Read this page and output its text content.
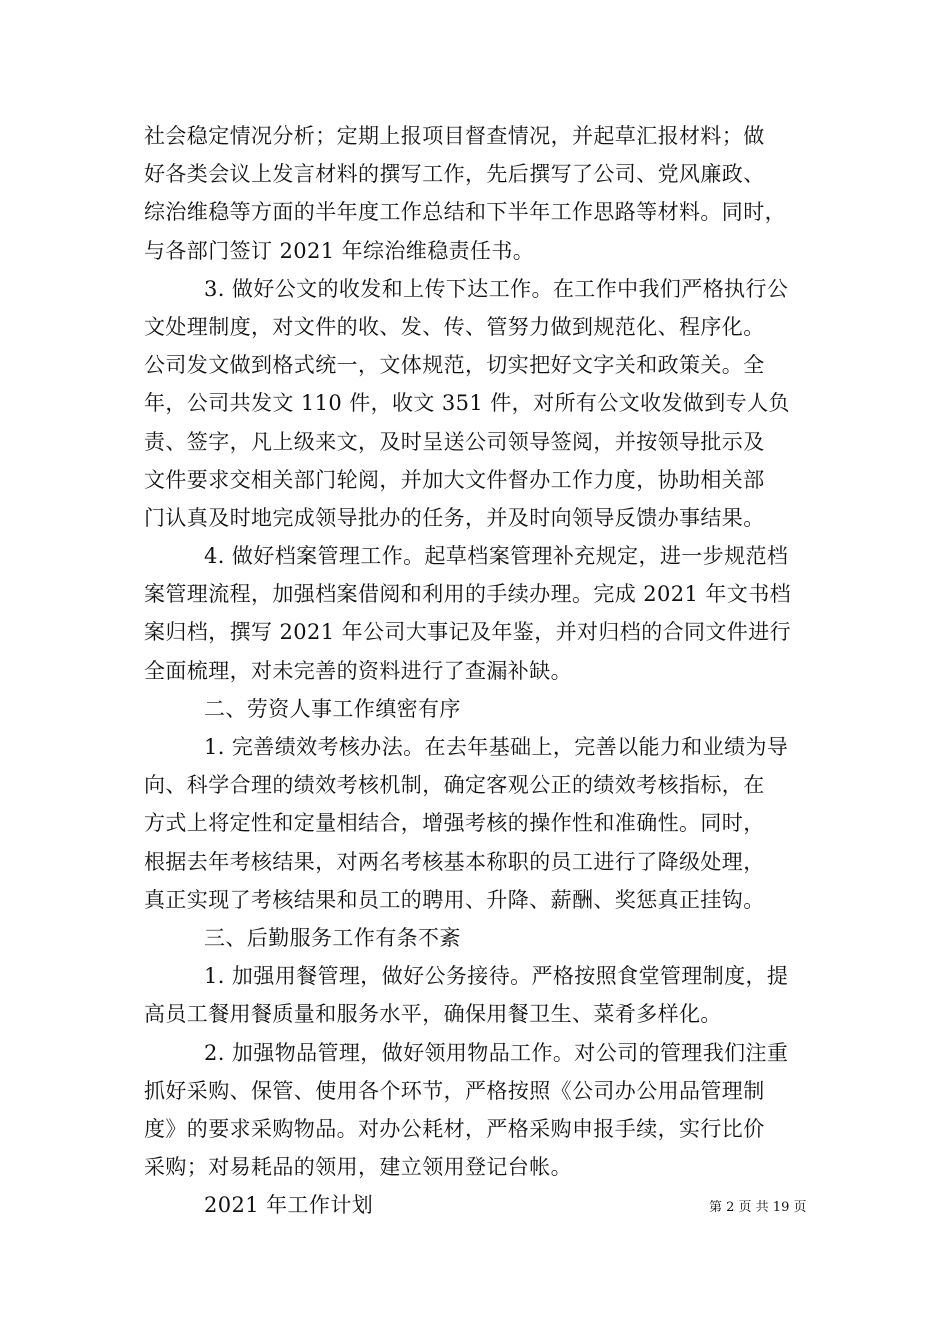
社会稳定情况分析；定期上报项目督查情况，并起草汇报材料；做
好各类会议上发言材料的撰写工作，先后撰写了公司、党风廉政、
综治维稳等方面的半年度工作总结和下半年工作思路等材料。同时，
与各部门签订 2021 年综治维稳责任书。
3. 做好公文的收发和上传下达工作。在工作中我们严格执行公
文处理制度，对文件的收、发、传、管努力做到规范化、程序化。
公司发文做到格式统一，文体规范，切实把好文字关和政策关。全
年，公司共发文 110 件，收文 351 件，对所有公文收发做到专人负
责、签字，凡上级来文，及时呈送公司领导签阅，并按领导批示及
文件要求交相关部门轮阅，并加大文件督办工作力度，协助相关部
门认真及时地完成领导批办的任务，并及时向领导反馈办事结果。
4. 做好档案管理工作。起草档案管理补充规定，进一步规范档
案管理流程，加强档案借阅和利用的手续办理。完成 2021 年文书档
案归档，撰写 2021 年公司大事记及年鉴，并对归档的合同文件进行
全面梳理，对未完善的资料进行了查漏补缺。
二、劳资人事工作缜密有序
1. 完善绩效考核办法。在去年基础上，完善以能力和业绩为导
向、科学合理的绩效考核机制，确定客观公正的绩效考核指标，在
方式上将定性和定量相结合，增强考核的操作性和准确性。同时，
根据去年考核结果，对两名考核基本称职的员工进行了降级处理，
真正实现了考核结果和员工的聘用、升降、薪酬、奖惩真正挂钩。
三、后勤服务工作有条不紊
1. 加强用餐管理，做好公务接待。严格按照食堂管理制度，提
高员工餐用餐质量和服务水平，确保用餐卫生、菜肴多样化。
2. 加强物品管理，做好领用物品工作。对公司的管理我们注重
抓好采购、保管、使用各个环节，严格按照《公司办公用品管理制
度》的要求采购物品。对办公耗材，严格采购申报手续，实行比价
采购；对易耗品的领用，建立领用登记台帐。
2021 年工作计划	第 2 页 共 19 页
